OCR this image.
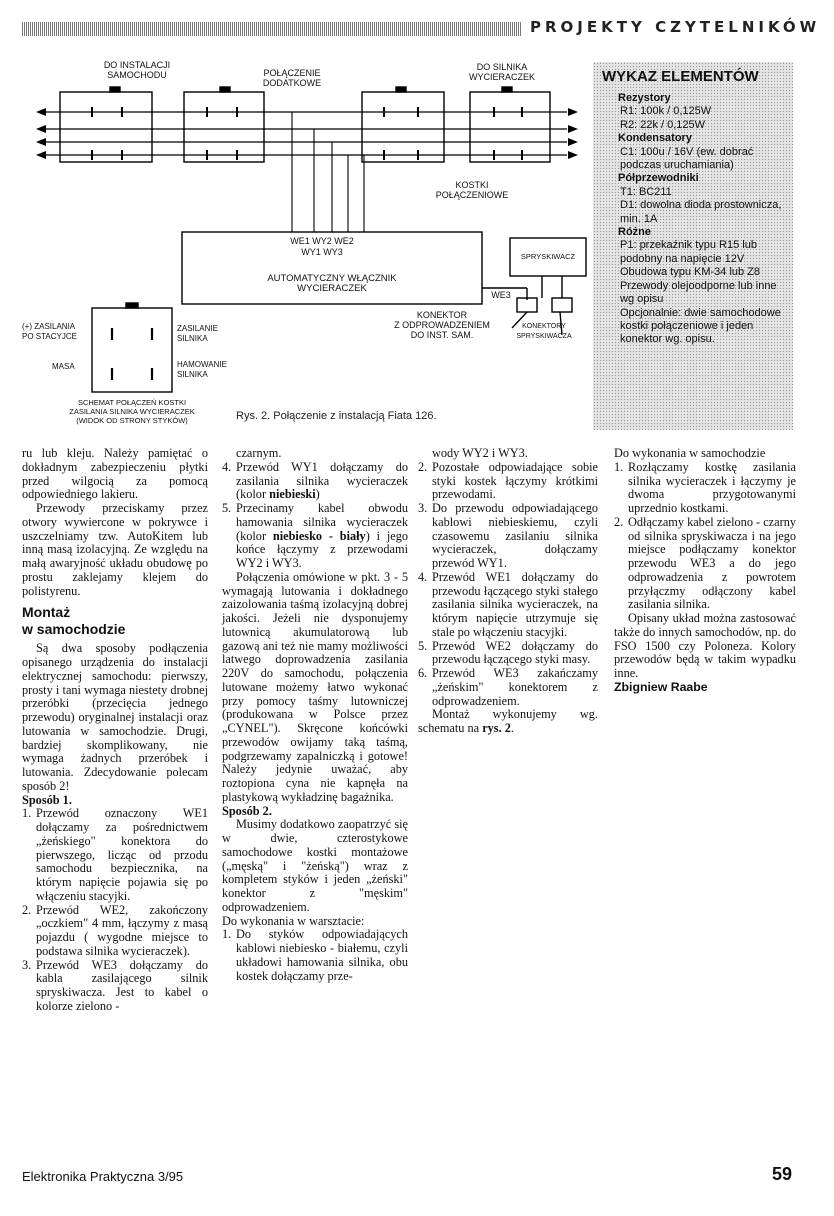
PROJEKTY CZYTELNIKÓW
DO INSTALACJI
SAMOCHODU	POŁĄCZENIE
DODATKOWE
DO SILNIKA
WYCIERACZEK
KOSTKI
POŁĄCZENIOWE
WE1 WY2 WE2
WY1 WY3
AUTOMATYCZNY WŁĄCZNIK
WYCIERACZEK
SPRYSKIWACZ
WE3
KONEKTOR
Z ODPROWADZENIEM
DO INST. SAM.
KONEKTORY
SPRYSKIWACZA
(+) ZASILANIA
PO STACYJCE
ZASILANIE
SILNIKA
MASA	HAMOWANIE
SILNIKA
SCHEMAT POŁĄCZEŃ KOSTKI
ZASILANIA SILNIKA WYCIERACZEK
(WIDOK OD STRONY STYKÓW)	Rys. 2. Połączenie z instalacją Fiata 126.
WYKAZ ELEMENTÓW
Rezystory
R1: 100k / 0,125W
R2: 22k / 0,125W
Kondensatory
C1: 100u / 16V (ew. dobrać podczas uruchamiania)
Półprzewodniki
T1: BC211
D1: dowolna dioda prostownicza, min. 1A
Różne
P1: przekaźnik typu R15 lub podobny na napięcie 12V
Obudowa typu KM-34 lub Z8
Przewody olejoodporne lub inne wg opisu
Opcjonalnie: dwie samochodowe kostki połączeniowe i jeden konektor wg. opisu.

ru lub kleju. Należy pamiętać o dokładnym zabezpieczeniu płytki przed wilgocią za pomocą odpowiedniego lakieru.

Przewody przeciskamy przez otwory wywiercone w pokrywce i uszczelniamy tzw. AutoKitem lub inną masą izolacyjną. Ze względu na małą awaryjność układu obudowę po prostu zaklejamy klejem do polistyrenu.

Montaż
w samochodzie

Są dwa sposoby podłączenia opisanego urządzenia do instalacji elektrycznej samochodu: pierwszy, prosty i tani wymaga niestety drobnej przeróbki (przecięcia jednego przewodu) oryginalnej instalacji oraz lutowania w samochodzie. Drugi, bardziej skomplikowany, nie wymaga żadnych przeróbek i lutowania. Zdecydowanie polecam sposób 2!

Sposób 1.

1. Przewód oznaczony WE1 dołączamy za pośrednictwem „żeńskiego" konektora do pierwszego, licząc od przodu samochodu bezpiecznika, na którym napięcie pojawia się po włączeniu stacyjki.
2. Przewód WE2, zakończony „oczkiem" 4 mm, łączymy z masą pojazdu ( wygodne miejsce to podstawa silnika wycieraczek).
3. Przewód WE3 dołączamy do kabla zasilającego silnik spryskiwacza. Jest to kabel o kolorze zielono -

czarnym.

4. Przewód WY1 dołączamy do zasilania silnika wycieraczek (kolor niebieski)
5. Przecinamy kabel obwodu hamowania silnika wycieraczek (kolor niebiesko - biały) i jego końce łączymy z przewodami WY2 i WY3.

Połączenia omówione w pkt. 3 - 5 wymagają lutowania i dokładnego zaizolowania taśmą izolacyjną dobrej jakości. Jeżeli nie dysponujemy lutownicą akumulatorową lub gazową ani też nie mamy możliwości latwego doprowadzenia zasilania 220V do samochodu, połączenia lutowane możemy łatwo wykonać przy pomocy taśmy lutowniczej (produkowana w Polsce przez „CYNEL"). Skręcone końcówki przewodów owijamy taką taśmą, podgrzewamy zapalniczką i gotowe! Należy jedynie uważać, aby roztopiona cyna nie kapnęła na plastykową wykładzinę bagażnika.

Sposób 2.

Musimy dodatkowo zaopatrzyć się w dwie, czterostykowe samochodowe kostki montażowe („męską" i "żeńską") wraz z kompletem styków i jeden „żeński" konektor z "męskim" odprowadzeniem.

Do wykonania w warsztacie:

1. Do styków odpowiadających kablowi niebiesko - białemu, czyli układowi hamowania silnika, obu kostek dołączamy prze-

wody WY2 i WY3.

2. Pozostałe odpowiadające sobie styki kostek łączymy krótkimi przewodami.
3. Do przewodu odpowiadającego kablowi niebieskiemu, czyli czasowemu zasilaniu silnika wycieraczek, dołączamy przewód WY1.
4. Przewód WE1 dołączamy do przewodu łączącego styki stałego zasilania silnika wycieraczek, na którym napięcie utrzymuje się stale po włączeniu stacyjki.
5. Przewód WE2 dołączamy do przewodu łączącego styki masy.
6. Przewód WE3 zakańczamy „żeńskim" konektorem z odprowadzeniem.

Montaż wykonujemy wg. schematu na rys. 2.

Do wykonania w samochodzie

1. Rozłączamy kostkę zasilania silnika wycieraczek i łączymy je dwoma przygotowanymi uprzednio kostkami.
2. Odłączamy kabel zielono - czarny od silnika spryskiwacza i na jego miejsce podłączamy konektor przewodu WE3 a do jego odprowadzenia z powrotem przyłączmy odłączony kabel zasilania silnika.

Opisany układ można zastosować także do innych samochodów, np. do FSO 1500 czy Poloneza. Kolory przewodów będą w takim wypadku inne.

Zbigniew Raabe

Elektronika Praktyczna 3/95	59
